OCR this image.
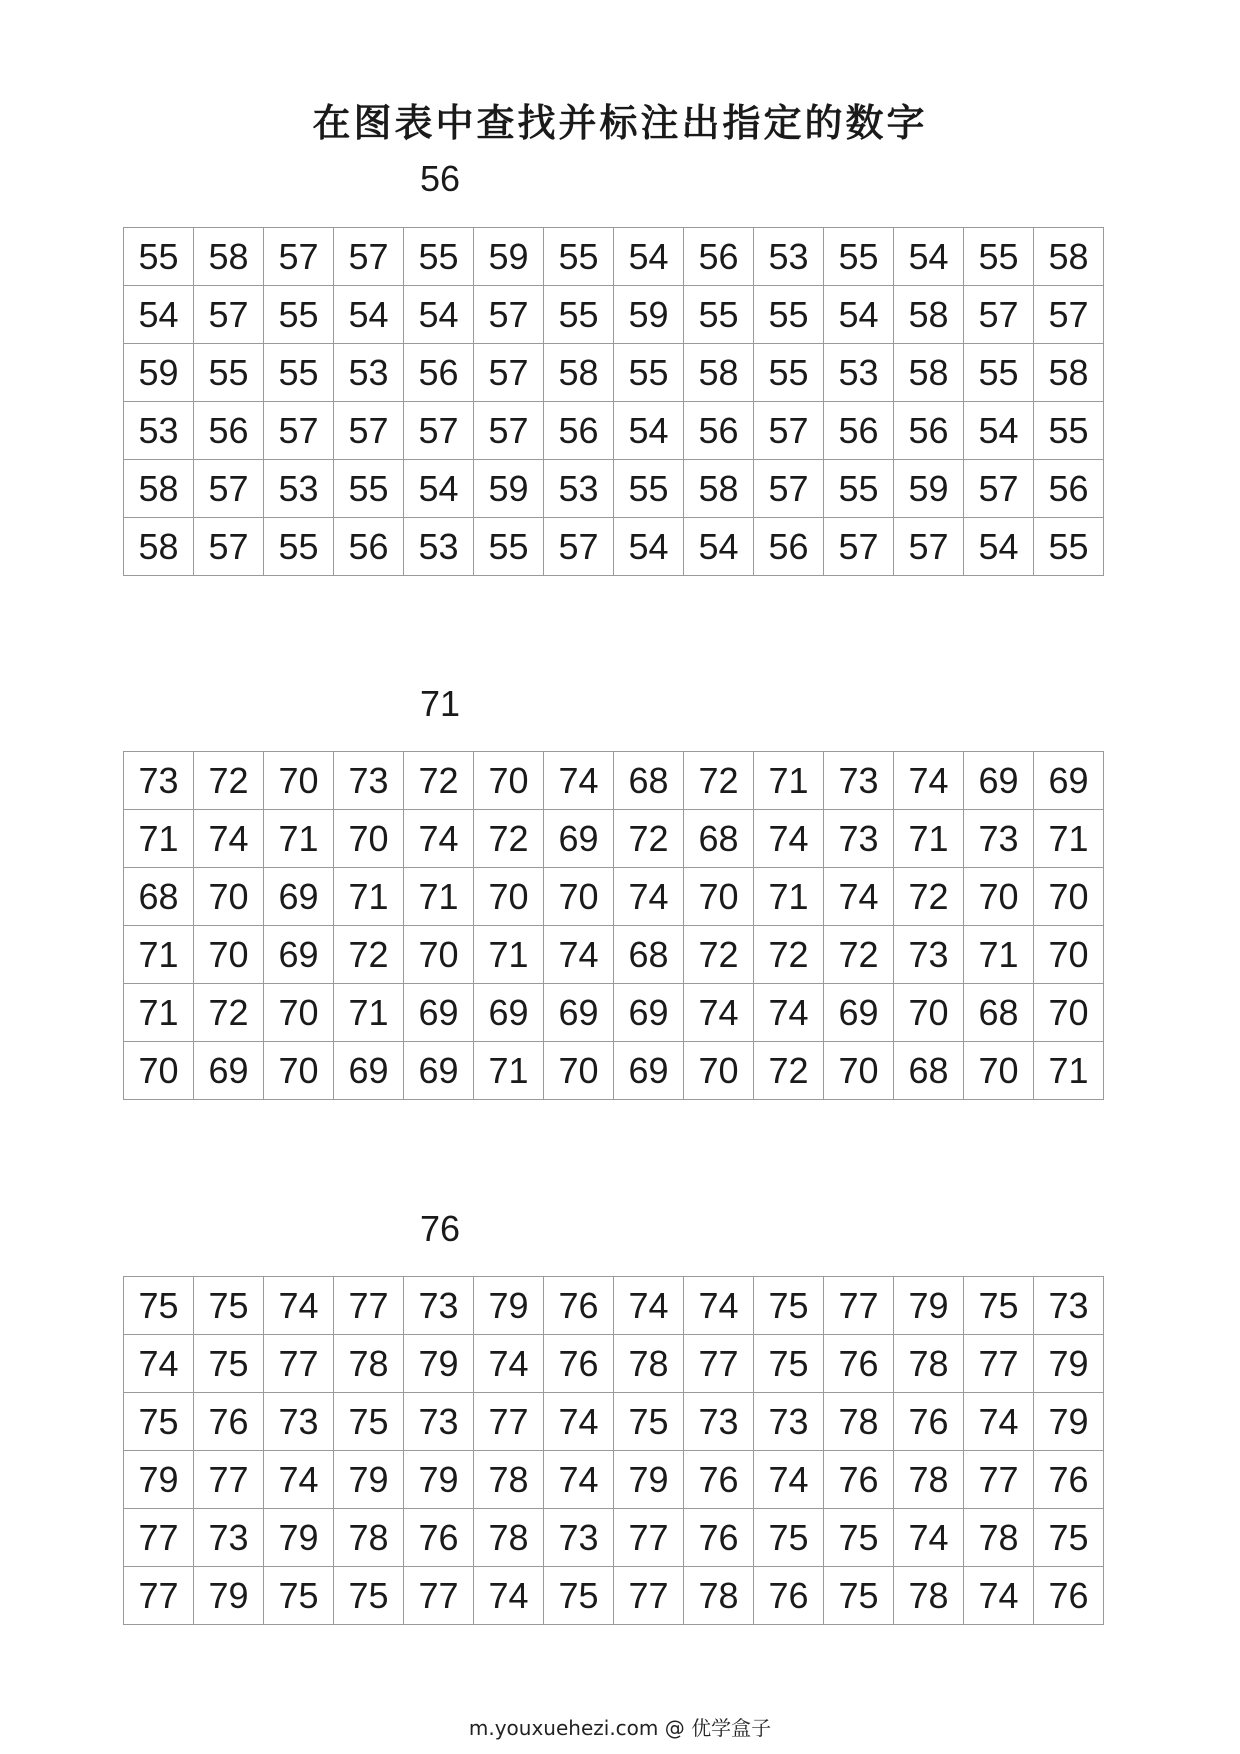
在图表中查找并标注出指定的数字
56
55	58	57	57	55	59	55	54	56	53	55	54	55	58
54	57	55	54	54	57	55	59	55	55	54	58	57	57
59	55	55	53	56	57	58	55	58	55	53	58	55	58
53	56	57	57	57	57	56	54	56	57	56	56	54	55
58	57	53	55	54	59	53	55	58	57	55	59	57	56
58	57	55	56	53	55	57	54	54	56	57	57	54	55
71
73	72	70	73	72	70	74	68	72	71	73	74	69	69
71	74	71	70	74	72	69	72	68	74	73	71	73	71
68	70	69	71	71	70	70	74	70	71	74	72	70	70
71	70	69	72	70	71	74	68	72	72	72	73	71	70
71	72	70	71	69	69	69	69	74	74	69	70	68	70
70	69	70	69	69	71	70	69	70	72	70	68	70	71
76
75	75	74	77	73	79	76	74	74	75	77	79	75	73
74	75	77	78	79	74	76	78	77	75	76	78	77	79
75	76	73	75	73	77	74	75	73	73	78	76	74	79
79	77	74	79	79	78	74	79	76	74	76	78	77	76
77	73	79	78	76	78	73	77	76	75	75	74	78	75
77	79	75	75	77	74	75	77	78	76	75	78	74	76
m.youxuehezi.com @ 优学盒子
